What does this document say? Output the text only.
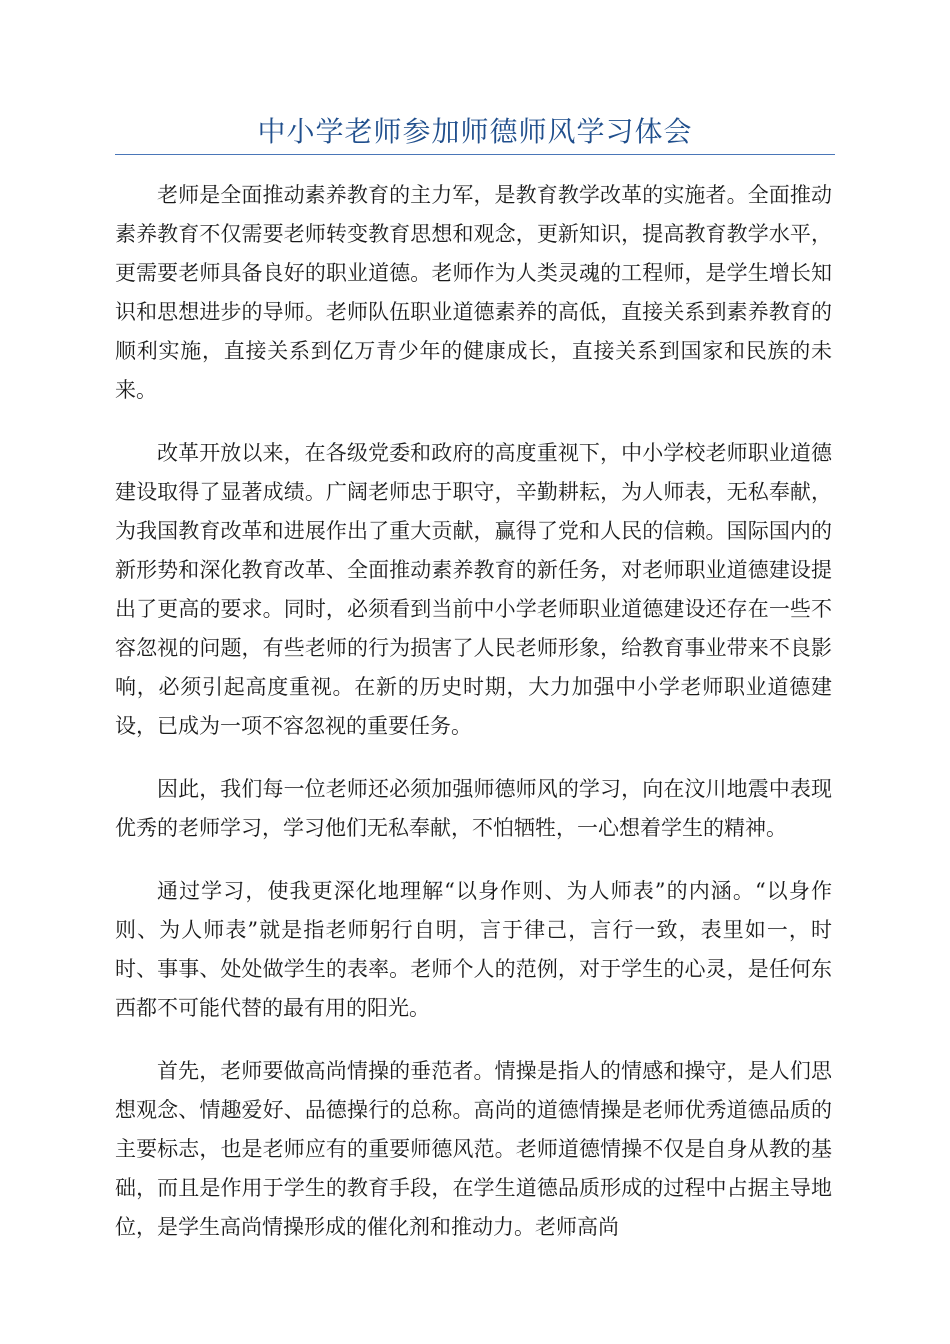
中小学老师参加师德师风学习体会

老师是全面推动素养教育的主力军，是教育教学改革的实施者。全面推动素养教育不仅需要老师转变教育思想和观念，更新知识，提高教育教学水平，更需要老师具备良好的职业道德。老师作为人类灵魂的工程师，是学生增长知识和思想进步的导师。老师队伍职业道德素养的高低，直接关系到素养教育的顺利实施，直接关系到亿万青少年的健康成长，直接关系到国家和民族的未来。

改革开放以来，在各级党委和政府的高度重视下，中小学校老师职业道德建设取得了显著成绩。广阔老师忠于职守，辛勤耕耘，为人师表，无私奉献，为我国教育改革和进展作出了重大贡献，赢得了党和人民的信赖。国际国内的新形势和深化教育改革、全面推动素养教育的新任务，对老师职业道德建设提出了更高的要求。同时，必须看到当前中小学老师职业道德建设还存在一些不容忽视的问题，有些老师的行为损害了人民老师形象，给教育事业带来不良影响，必须引起高度重视。在新的历史时期，大力加强中小学老师职业道德建设，已成为一项不容忽视的重要任务。

因此，我们每一位老师还必须加强师德师风的学习，向在汶川地震中表现优秀的老师学习，学习他们无私奉献，不怕牺牲，一心想着学生的精神。

通过学习，使我更深化地理解“以身作则、为人师表”的内涵。“以身作则、为人师表”就是指老师躬行自明，言于律己，言行一致，表里如一，时时、事事、处处做学生的表率。老师个人的范例，对于学生的心灵，是任何东西都不可能代替的最有用的阳光。

首先，老师要做高尚情操的垂范者。情操是指人的情感和操守，是人们思想观念、情趣爱好、品德操行的总称。高尚的道德情操是老师优秀道德品质的主要标志，也是老师应有的重要师德风范。老师道德情操不仅是自身从教的基础，而且是作用于学生的教育手段，在学生道德品质形成的过程中占据主导地位，是学生高尚情操形成的催化剂和推动力。老师高尚
